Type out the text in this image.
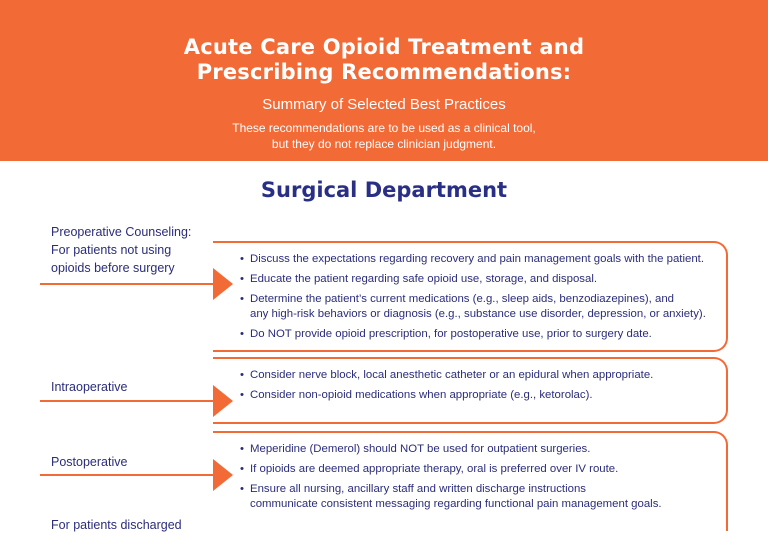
Acute Care Opioid Treatment and
Prescribing Recommendations:
Summary of Selected Best Practices
These recommendations are to be used as a clinical tool,
but they do not replace clinician judgment.
Surgical Department
Preoperative Counseling:
For patients not using
opioids before surgery
• Discuss the expectations regarding recovery and pain management goals with the patient.
• Educate the patient regarding safe opioid use, storage, and disposal.
• Determine the patient’s current medications (e.g., sleep aids, benzodiazepines), and
any high-risk behaviors or diagnosis (e.g., substance use disorder, depression, or anxiety).
• Do NOT provide opioid prescription, for postoperative use, prior to surgery date.
Intraoperative
• Consider nerve block, local anesthetic catheter or an epidural when appropriate.
• Consider non-opioid medications when appropriate (e.g., ketorolac).
Postoperative
• Meperidine (Demerol) should NOT be used for outpatient surgeries.
• If opioids are deemed appropriate therapy, oral is preferred over IV route.
• Ensure all nursing, ancillary staff and written discharge instructions
communicate consistent messaging regarding functional pain management goals.
For patients discharged
